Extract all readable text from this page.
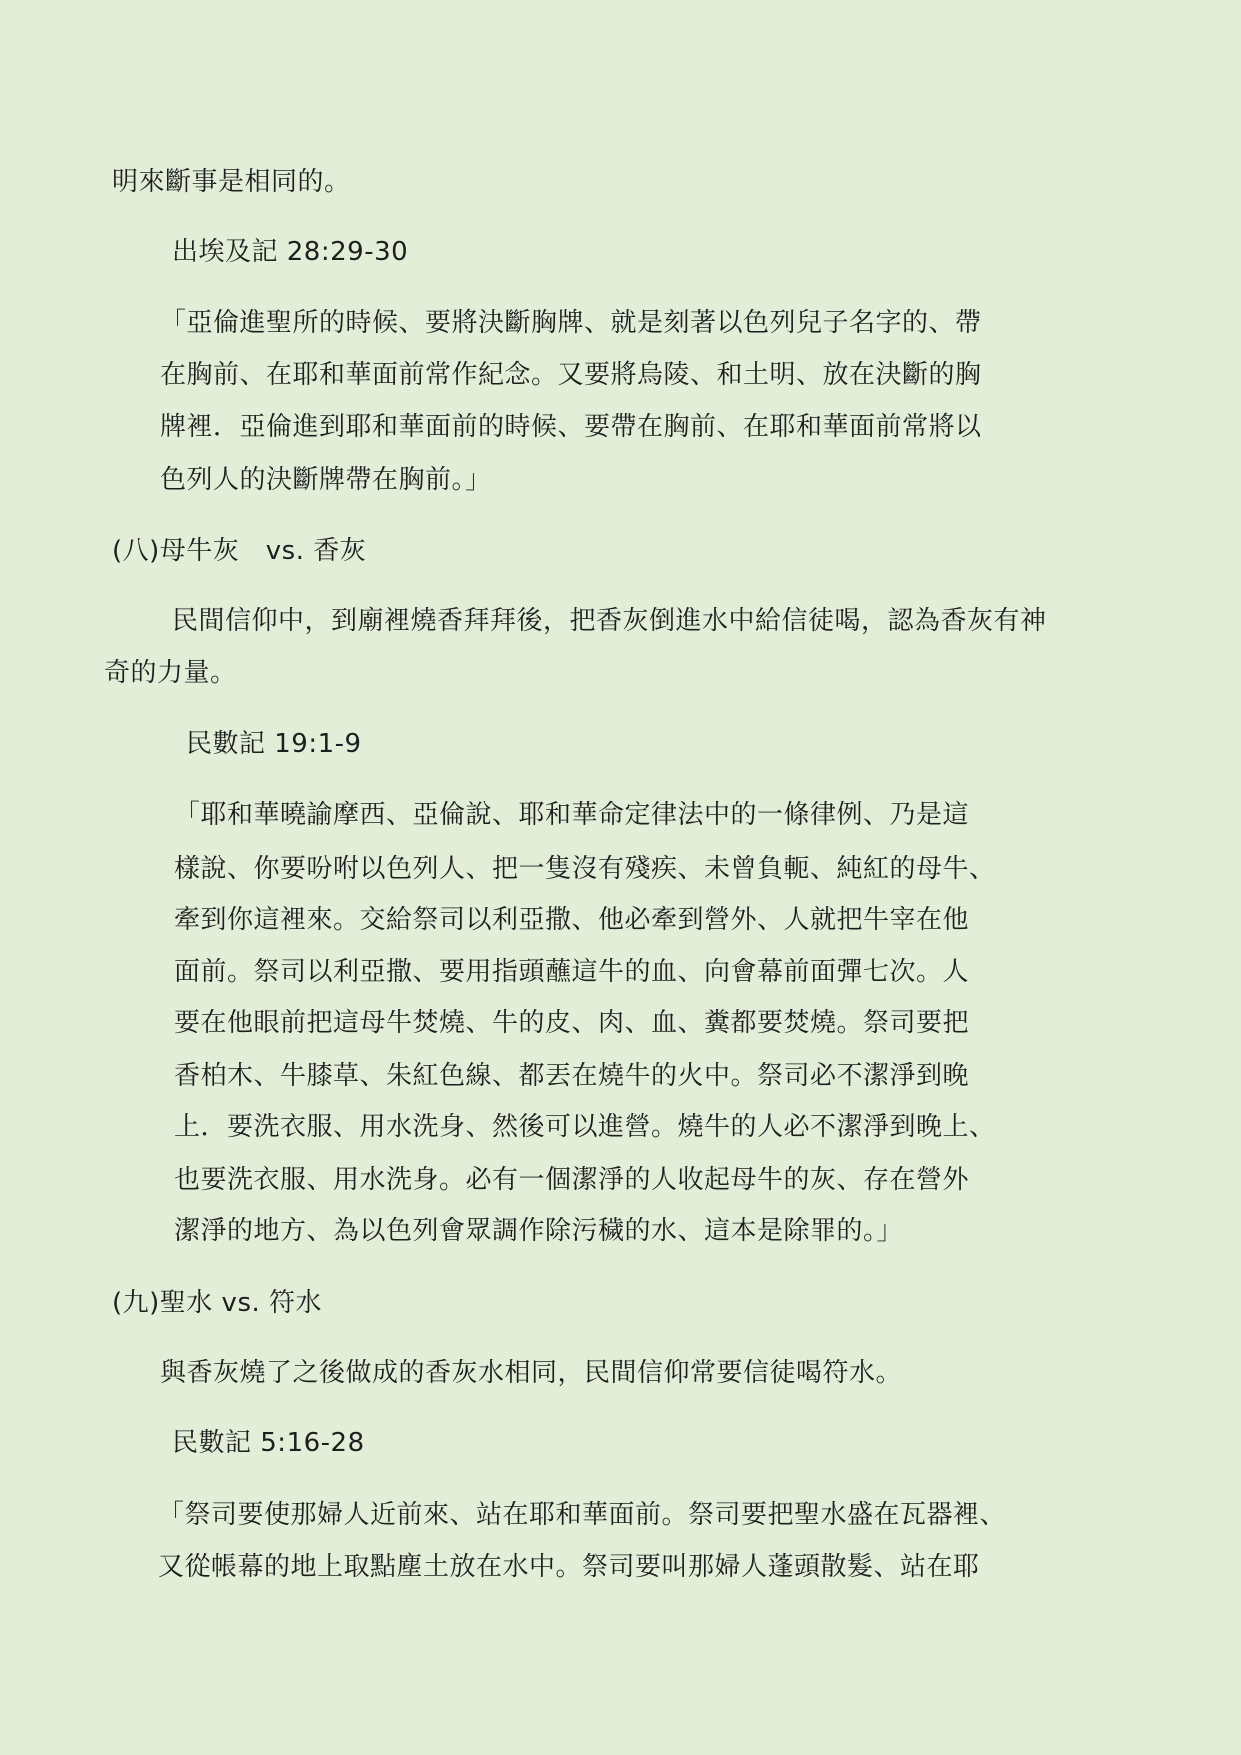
明來斷事是相同的。
出埃及記 28:29-30
「亞倫進聖所的時候、要將決斷胸牌、就是刻著以色列兒子名字的、帶
在胸前、在耶和華面前常作紀念。又要將烏陵、和土明、放在決斷的胸
牌裡．亞倫進到耶和華面前的時候、要帶在胸前、在耶和華面前常將以
色列人的決斷牌帶在胸前。」
(八)母牛灰　vs. 香灰
民間信仰中，到廟裡燒香拜拜後，把香灰倒進水中給信徒喝，認為香灰有神
奇的力量。
民數記 19:1-9
「耶和華曉諭摩西、亞倫說、耶和華命定律法中的一條律例、乃是這
樣說、你要吩咐以色列人、把一隻沒有殘疾、未曾負軛、純紅的母牛、
牽到你這裡來。交給祭司以利亞撒、他必牽到營外、人就把牛宰在他
面前。祭司以利亞撒、要用指頭蘸這牛的血、向會幕前面彈七次。人
要在他眼前把這母牛焚燒、牛的皮、肉、血、糞都要焚燒。祭司要把
香柏木、牛膝草、朱紅色線、都丟在燒牛的火中。祭司必不潔淨到晚
上．要洗衣服、用水洗身、然後可以進營。燒牛的人必不潔淨到晚上、
也要洗衣服、用水洗身。必有一個潔淨的人收起母牛的灰、存在營外
潔淨的地方、為以色列會眾調作除污穢的水、這本是除罪的。」
(九)聖水 vs. 符水
與香灰燒了之後做成的香灰水相同，民間信仰常要信徒喝符水。
民數記 5:16-28
「祭司要使那婦人近前來、站在耶和華面前。祭司要把聖水盛在瓦器裡、
又從帳幕的地上取點塵土放在水中。祭司要叫那婦人蓬頭散髮、站在耶
